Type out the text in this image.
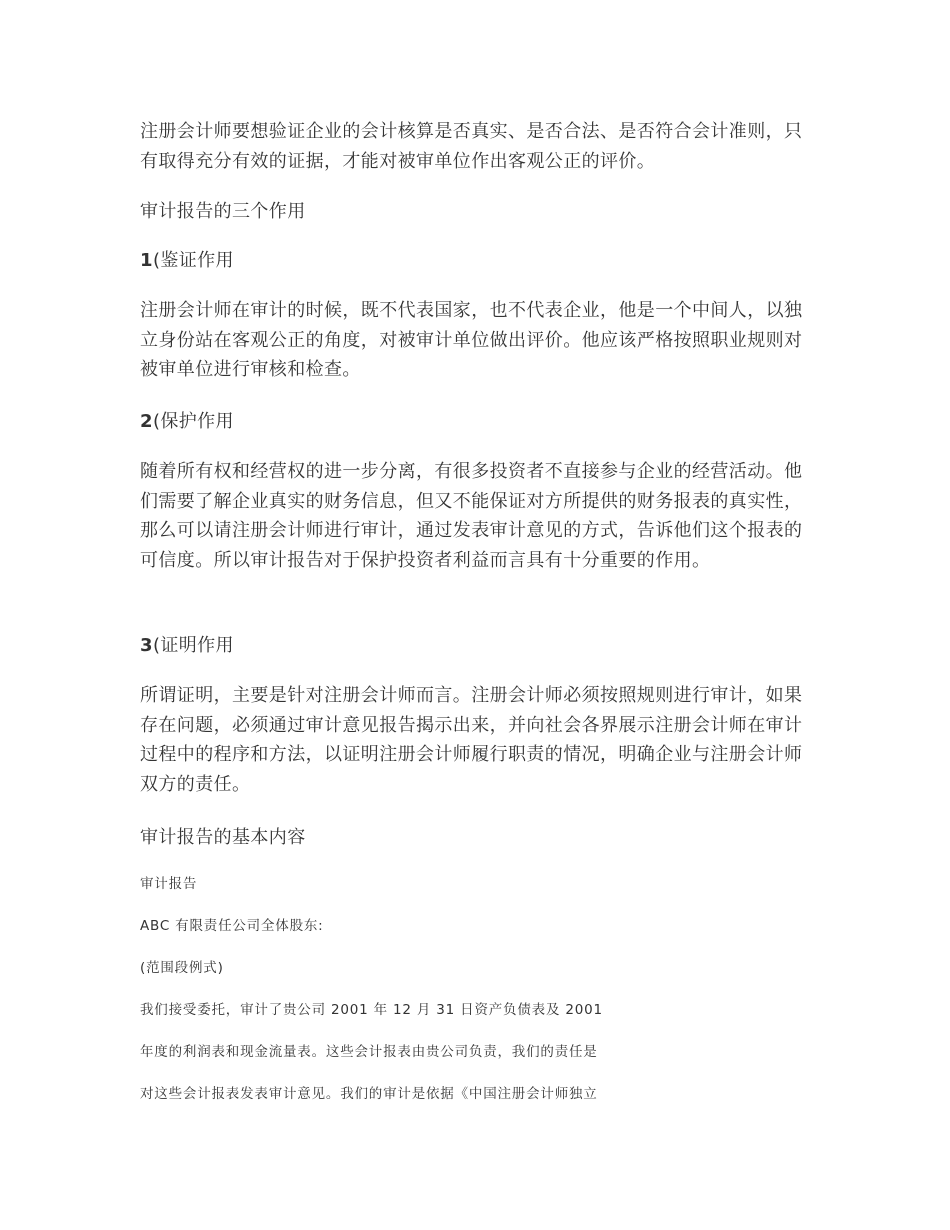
注册会计师要想验证企业的会计核算是否真实、是否合法、是否符合会计准则，只有取得充分有效的证据，才能对被审单位作出客观公正的评价。

审计报告的三个作用

1(鉴证作用

注册会计师在审计的时候，既不代表国家，也不代表企业，他是一个中间人，以独立身份站在客观公正的角度，对被审计单位做出评价。他应该严格按照职业规则对被审单位进行审核和检查。

2(保护作用

随着所有权和经营权的进一步分离，有很多投资者不直接参与企业的经营活动。他们需要了解企业真实的财务信息，但又不能保证对方所提供的财务报表的真实性，那么可以请注册会计师进行审计，通过发表审计意见的方式，告诉他们这个报表的可信度。所以审计报告对于保护投资者利益而言具有十分重要的作用。

3(证明作用

所谓证明，主要是针对注册会计师而言。注册会计师必须按照规则进行审计，如果存在问题，必须通过审计意见报告揭示出来，并向社会各界展示注册会计师在审计过程中的程序和方法，以证明注册会计师履行职责的情况，明确企业与注册会计师双方的责任。

审计报告的基本内容

审计报告

ABC 有限责任公司全体股东:

(范围段例式)

我们接受委托，审计了贵公司 2001 年 12 月 31 日资产负债表及 2001

年度的利润表和现金流量表。这些会计报表由贵公司负责，我们的责任是

对这些会计报表发表审计意见。我们的审计是依据《中国注册会计师独立
